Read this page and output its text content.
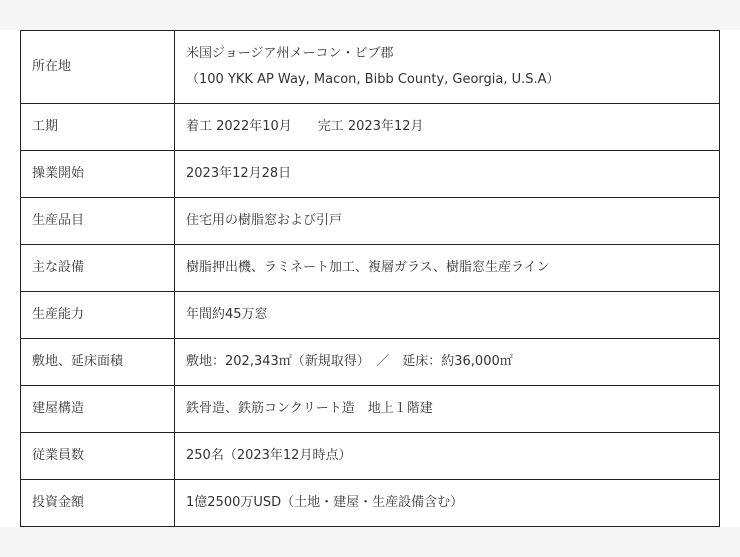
所在地	米国ジョージア州メーコン・ビブ郡
（100 YKK AP Way, Macon, Bibb County, Georgia, U.S.A）

工期	着工 2022年10月　　完工 2023年12月
操業開始	2023年12月28日
生産品目	住宅用の樹脂窓および引戸
主な設備	樹脂押出機、ラミネート加工、複層ガラス、樹脂窓生産ライン
生産能力	年間約45万窓
敷地、延床面積	敷地：202,343㎡（新規取得）　／　延床：約36,000㎡
建屋構造	鉄骨造、鉄筋コンクリート造　地上１階建
従業員数	250名（2023年12月時点）
投資金額	1億2500万USD（土地・建屋・生産設備含む）
